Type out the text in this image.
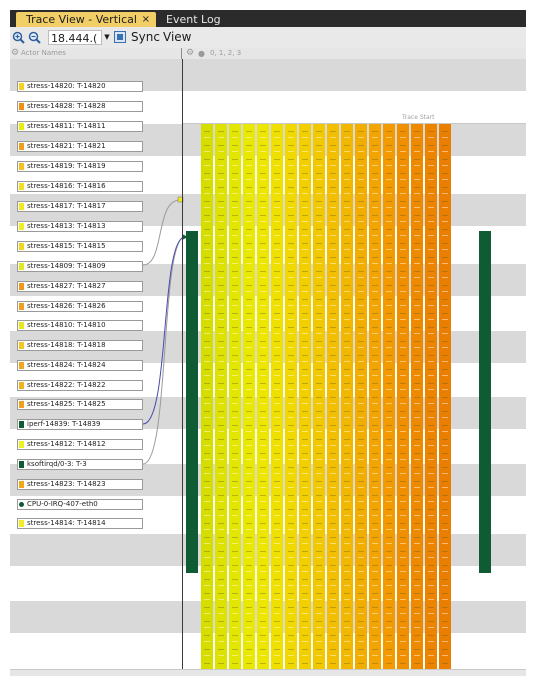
Trace View - Vertical ×	Event Log
18.444.(	▼ Sync View
⚙ Actor Names	⚙ ● 0, 1, 2, 3
Trace Start
stress-14820: T-14820
stress-14828: T-14828
stress-14811: T-14811
stress-14821: T-14821
stress-14819: T-14819
stress-14816: T-14816
stress-14817: T-14817
stress-14813: T-14813
stress-14815: T-14815
stress-14809: T-14809
stress-14827: T-14827
stress-14826: T-14826
stress-14810: T-14810
stress-14818: T-14818
stress-14824: T-14824
stress-14822: T-14822
stress-14825: T-14825
iperf-14839: T-14839
stress-14812: T-14812
ksoftirqd/0-3: T-3
stress-14823: T-14823
CPU-0-IRQ-407-eth0
stress-14814: T-14814
